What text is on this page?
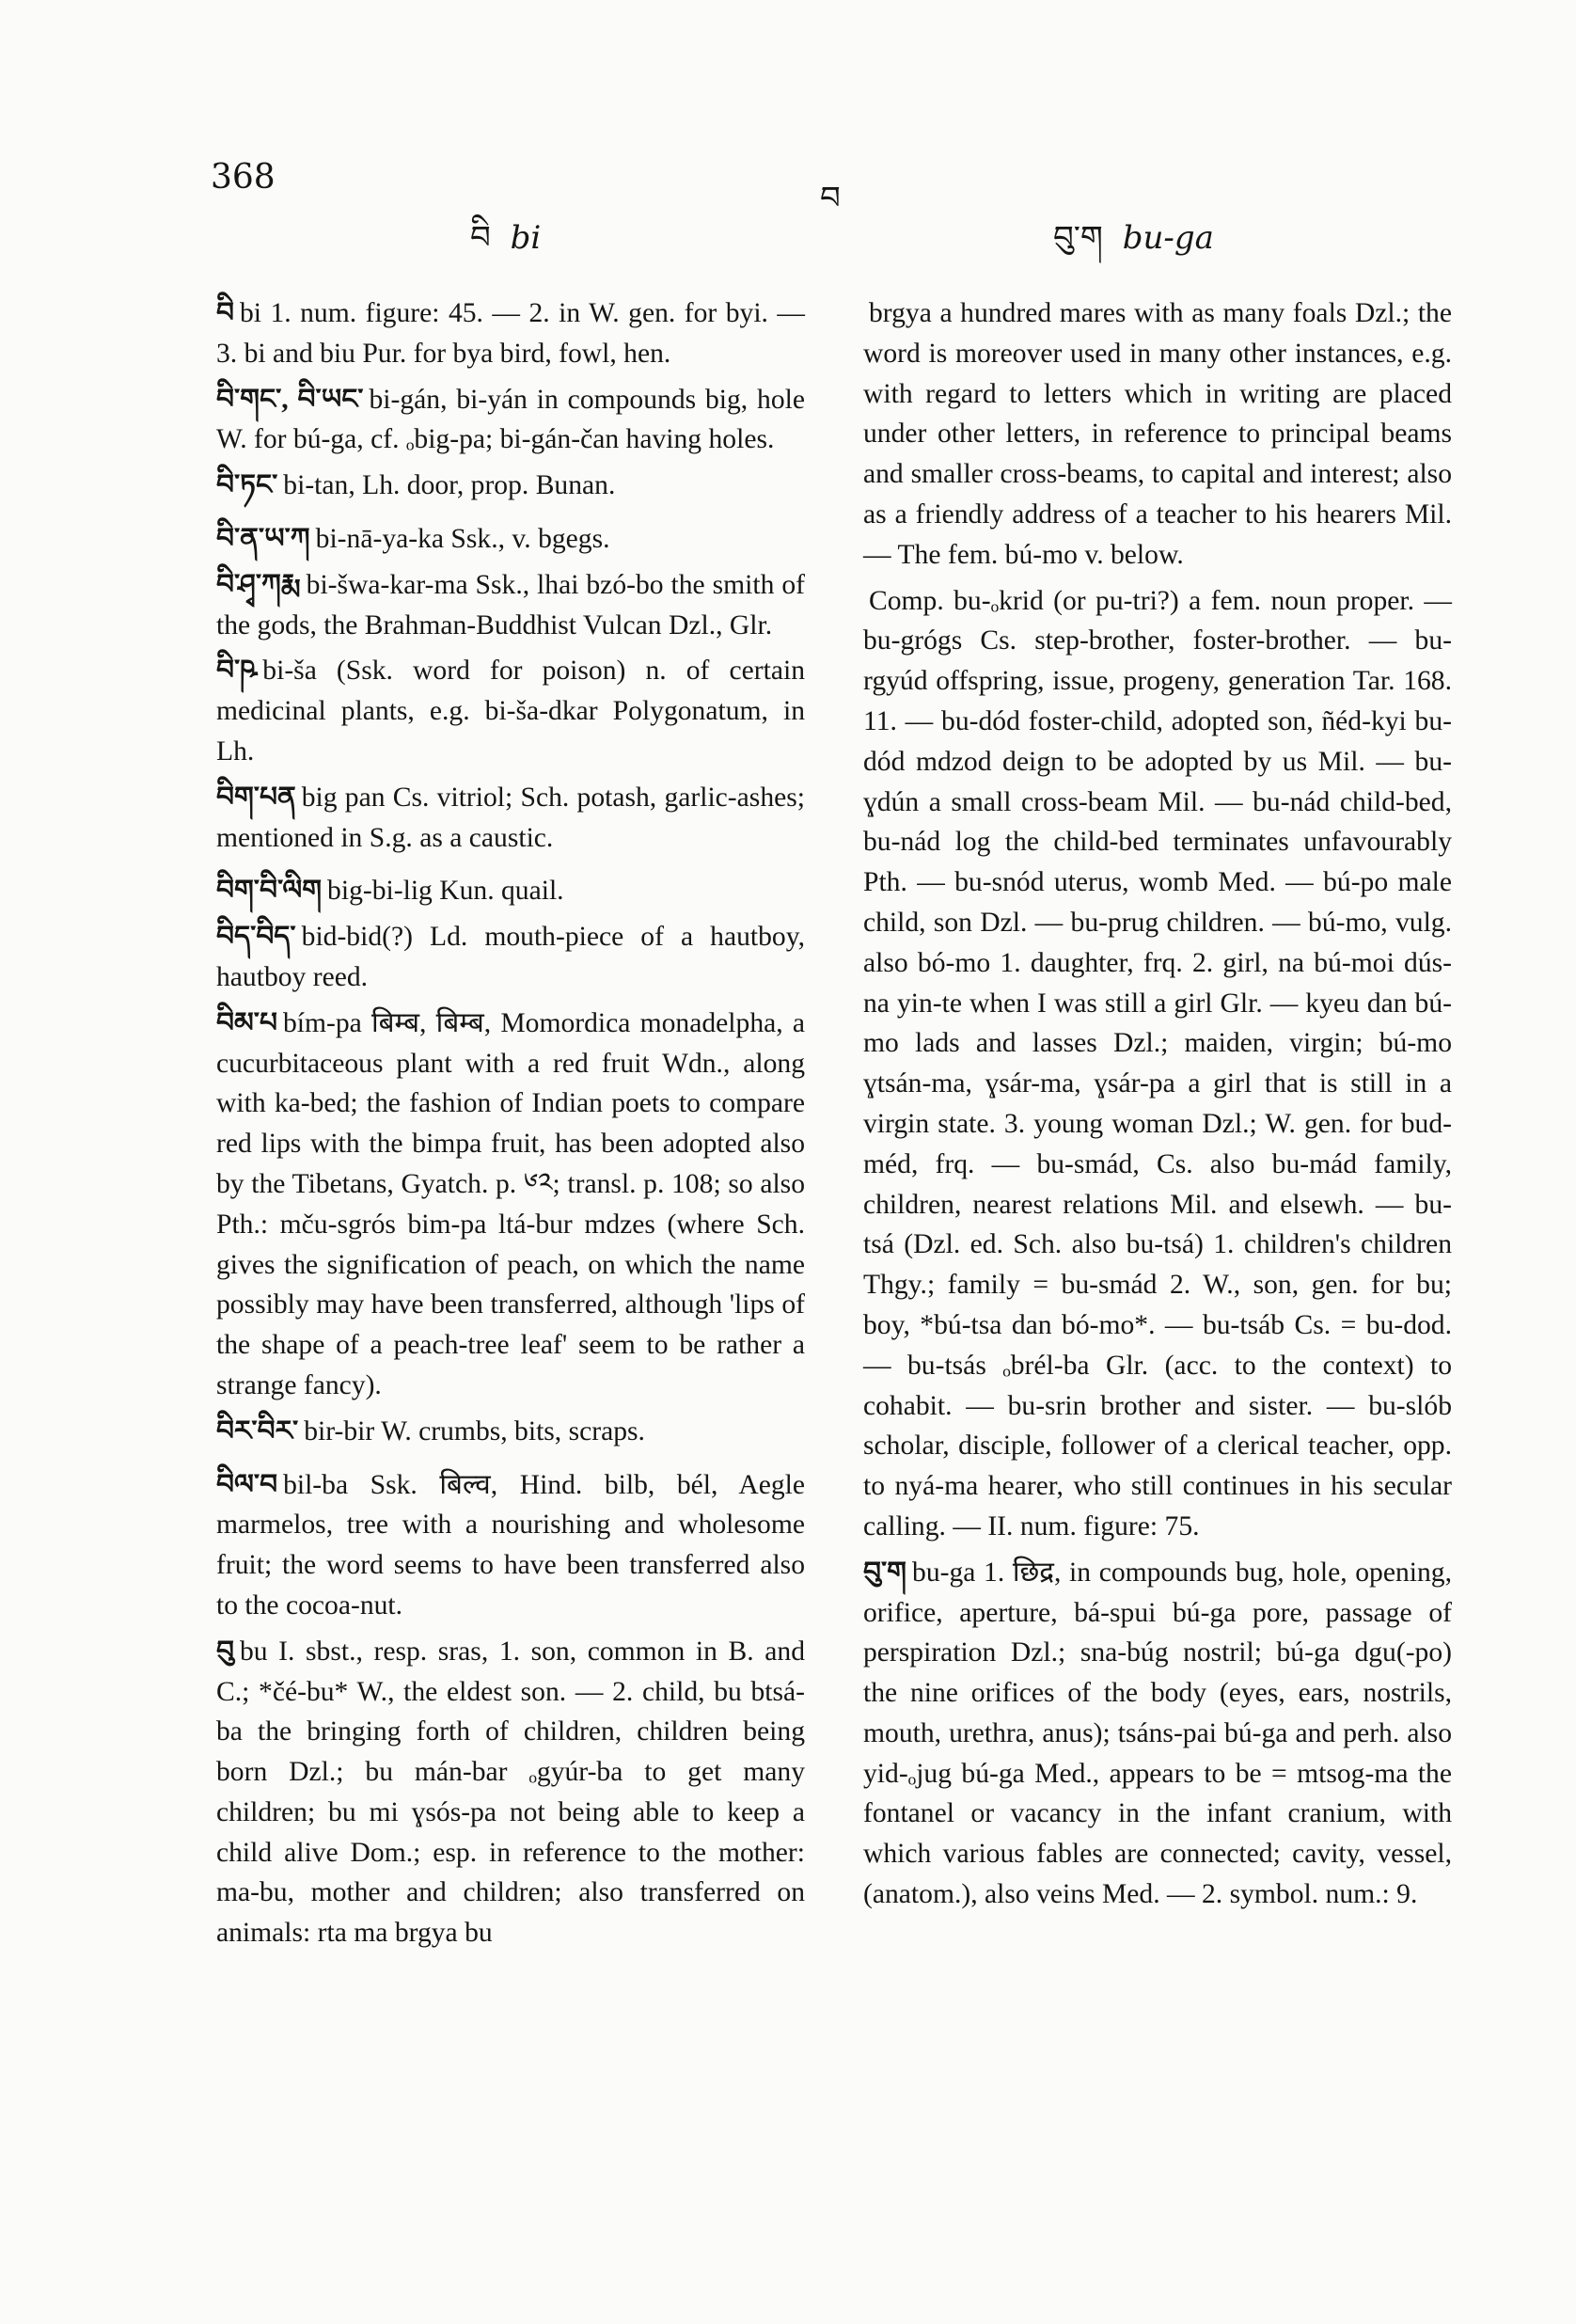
368
བ
བི bi	བུ་ག bu-ga

བི bi 1. num. figure: 45. — 2. in W. gen. for byi. — 3. bi and biu Pur. for bya bird, fowl, hen.

བི་གང་, བི་ཡང་ bi-gán, bi-yán in compounds big, hole W. for bú-ga, cf. ₒbig-pa; bi-gán-čan having holes.

བི་ཏང་ bi-tan, Lh. door, prop. Bunan.

བི་ན་ཡ་ཀ bi-nā-ya-ka Ssk., v. bgegs.

བི་ཤྭ་ཀརྨ bi-šwa-kar-ma Ssk., lhai bzó-bo the smith of the gods, the Brahman-Buddhist Vulcan Dzl., Glr.

བི་ཥ bi-ša (Ssk. word for poison) n. of certain medicinal plants, e.g. bi-ša-dkar Polygonatum, in Lh.

བིག་པན big pan Cs. vitriol; Sch. potash, garlic-ashes; mentioned in S.g. as a caustic.

བིག་བི་ལིག big-bi-lig Kun. quail.

བིད་བིད་ bid-bid(?) Ld. mouth-piece of a hautboy, hautboy reed.

བིམ་པ bím-pa बिम्ब, बिम्ब, Momordica monadelpha, a cucurbitaceous plant with a red fruit Wdn., along with ka-bed; the fashion of Indian poets to compare red lips with the bimpa fruit, has been adopted also by the Tibetans, Gyatch. p. ༦༢; transl. p. 108; so also Pth.: mču-sgrós bim-pa ltá-bur mdzes (where Sch. gives the signification of peach, on which the name possibly may have been transferred, although 'lips of the shape of a peach-tree leaf' seem to be rather a strange fancy).

བིར་བིར་ bir-bir W. crumbs, bits, scraps.

བིལ་བ bil-ba Ssk. बिल्व, Hind. bilb, bél, Aegle marmelos, tree with a nourishing and wholesome fruit; the word seems to have been transferred also to the cocoa-nut.

བུ bu I. sbst., resp. sras, 1. son, common in B. and C.; *čé-bu* W., the eldest son. — 2. child, bu btsá-ba the bringing forth of children, children being born Dzl.; bu mán-bar ₒgyúr-ba to get many children; bu mi ɣsós-pa not being able to keep a child alive Dom.; esp. in reference to the mother: ma-bu, mother and children; also transferred on animals: rta ma brgya bu

brgya a hundred mares with as many foals Dzl.; the word is moreover used in many other instances, e.g. with regard to letters which in writing are placed under other letters, in reference to principal beams and smaller cross-beams, to capital and interest; also as a friendly address of a teacher to his hearers Mil. — The fem. bú-mo v. below.

Comp. bu-ₒkrid (or pu-tri?) a fem. noun proper. — bu-grógs Cs. step-brother, foster-brother. — bu-rgyúd offspring, issue, progeny, generation Tar. 168. 11. — bu-dód foster-child, adopted son, ñéd-kyi bu-dód mdzod deign to be adopted by us Mil. — bu-ɣdún a small cross-beam Mil. — bu-nád child-bed, bu-nád log the child-bed terminates unfavourably Pth. — bu-snód uterus, womb Med. — bú-po male child, son Dzl. — bu-prug children. — bú-mo, vulg. also bó-mo 1. daughter, frq. 2. girl, na bú-moi dús-na yin-te when I was still a girl Glr. — kyeu dan bú-mo lads and lasses Dzl.; maiden, virgin; bú-mo ɣtsán-ma, ɣsár-ma, ɣsár-pa a girl that is still in a virgin state. 3. young woman Dzl.; W. gen. for bud-méd, frq. — bu-smád, Cs. also bu-mád family, children, nearest relations Mil. and elsewh. — bu-tsá (Dzl. ed. Sch. also bu-tsá) 1. children's children Thgy.; family = bu-smád 2. W., son, gen. for bu; boy, *bú-tsa dan bó-mo*. — bu-tsáb Cs. = bu-dod. — bu-tsás ₒbrél-ba Glr. (acc. to the context) to cohabit. — bu-srin brother and sister. — bu-slób scholar, disciple, follower of a clerical teacher, opp. to nyá-ma hearer, who still continues in his secular calling. — II. num. figure: 75.

བུ་ག bu-ga 1. छिद्र, in compounds bug, hole, opening, orifice, aperture, bá-spui bú-ga pore, passage of perspiration Dzl.; sna-búg nostril; bú-ga dgu(-po) the nine orifices of the body (eyes, ears, nostrils, mouth, urethra, anus); tsáns-pai bú-ga and perh. also yid-ₒjug bú-ga Med., appears to be = mtsog-ma the fontanel or vacancy in the infant cranium, with which various fables are connected; cavity, vessel, (anatom.), also veins Med. — 2. symbol. num.: 9.
